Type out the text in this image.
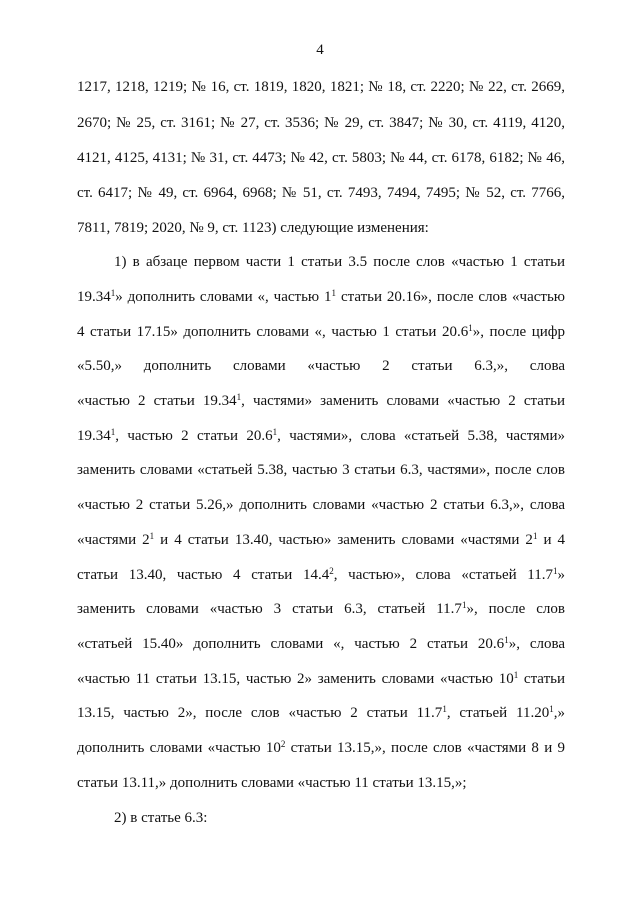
4
1217, 1218, 1219; № 16, ст. 1819, 1820, 1821; № 18, ст. 2220; № 22, ст. 2669,
2670; № 25, ст. 3161; № 27, ст. 3536; № 29, ст. 3847; № 30, ст. 4119, 4120,
4121, 4125, 4131; № 31, ст. 4473; № 42, ст. 5803; № 44, ст. 6178, 6182; № 46,
ст. 6417; № 49, ст. 6964, 6968; № 51, ст. 7493, 7494, 7495; № 52, ст. 7766,
7811, 7819; 2020, № 9, ст. 1123) следующие изменения:
1) в абзаце первом части 1 статьи 3.5 после слов «частью 1 статьи
19.34$^1$» дополнить словами «, частью $1^1$ статьи 20.16», после слов «частью
4 статьи 17.15» дополнить словами «, частью 1 статьи 20.6$^1$», после цифр
«5.50,» дополнить словами «частью 2 статьи 6.3,», слова
«частью 2 статьи 19.34$^1$, частями» заменить словами «частью 2 статьи
19.34$^1$, частью 2 статьи 20.6$^1$, частями», слова «статьей 5.38, частями»
заменить словами «статьей 5.38, частью 3 статьи 6.3, частями», после слов
«частью 2 статьи 5.26,» дополнить словами «частью 2 статьи 6.3,», слова
«частями $2^1$ и 4 статьи 13.40, частью» заменить словами «частями $2^1$ и 4
статьи 13.40, частью 4 статьи 14.4$^2$, частью», слова «статьей 11.7$^1$»
заменить словами «частью 3 статьи 6.3, статьей 11.7$^1$», после слов
«статьей 15.40» дополнить словами «, частью 2 статьи 20.6$^1$», слова
«частью 11 статьи 13.15, частью 2» заменить словами «частью $10^1$ статьи
13.15, частью 2», после слов «частью 2 статьи 11.7$^1$, статьей 11.20$^1$,»
дополнить словами «частью $10^2$ статьи 13.15,», после слов «частями 8 и 9
статьи 13.11,» дополнить словами «частью 11 статьи 13.15,»;
2) в статье 6.3:
